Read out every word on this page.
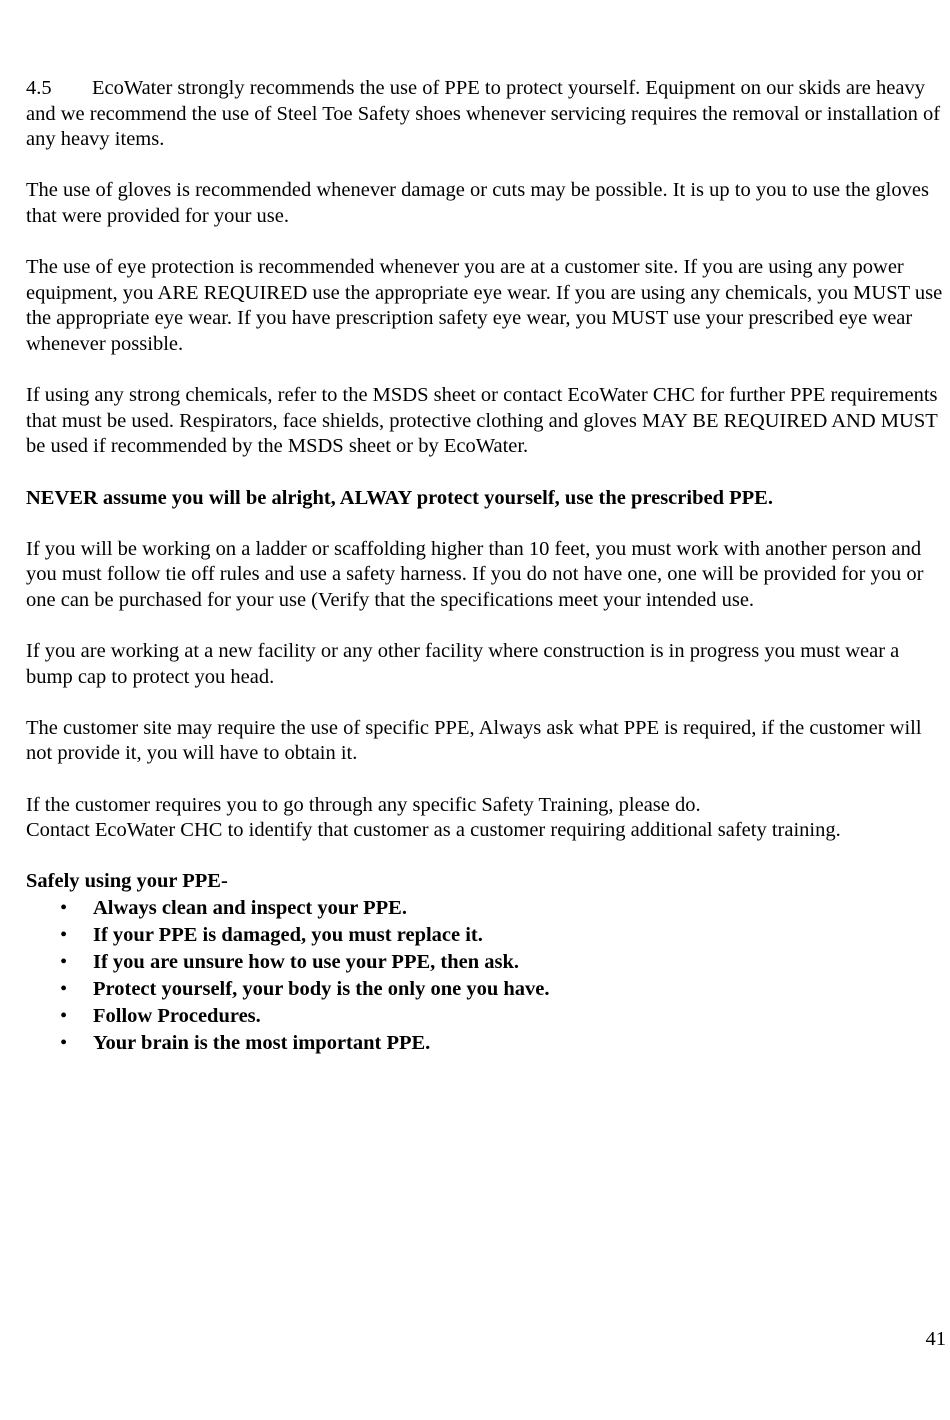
4.5 EcoWater strongly recommends the use of PPE to protect yourself. Equipment on our skids are heavy and we recommend the use of Steel Toe Safety shoes whenever servicing requires the removal or installation of any heavy items.

The use of gloves is recommended whenever damage or cuts may be possible. It is up to you to use the gloves that were provided for your use.

The use of eye protection is recommended whenever you are at a customer site. If you are using any power equipment, you ARE REQUIRED use the appropriate eye wear. If you are using any chemicals, you MUST use the appropriate eye wear. If you have prescription safety eye wear, you MUST use your prescribed eye wear whenever possible.

If using any strong chemicals, refer to the MSDS sheet or contact EcoWater CHC for further PPE requirements that must be used. Respirators, face shields, protective clothing and gloves MAY BE REQUIRED AND MUST be used if recommended by the MSDS sheet or by EcoWater.

NEVER assume you will be alright, ALWAY protect yourself, use the prescribed PPE.

If you will be working on a ladder or scaffolding higher than 10 feet, you must work with another person and you must follow tie off rules and use a safety harness. If you do not have one, one will be provided for you or one can be purchased for your use (Verify that the specifications meet your intended use.

If you are working at a new facility or any other facility where construction is in progress you must wear a bump cap to protect you head.

The customer site may require the use of specific PPE, Always ask what PPE is required, if the customer will not provide it, you will have to obtain it.

If the customer requires you to go through any specific Safety Training, please do.

Contact EcoWater CHC to identify that customer as a customer requiring additional safety training.

Safely using your PPE-
• Always clean and inspect your PPE.
• If your PPE is damaged, you must replace it.
• If you are unsure how to use your PPE, then ask.
• Protect yourself, your body is the only one you have.
• Follow Procedures.
• Your brain is the most important PPE.
41
